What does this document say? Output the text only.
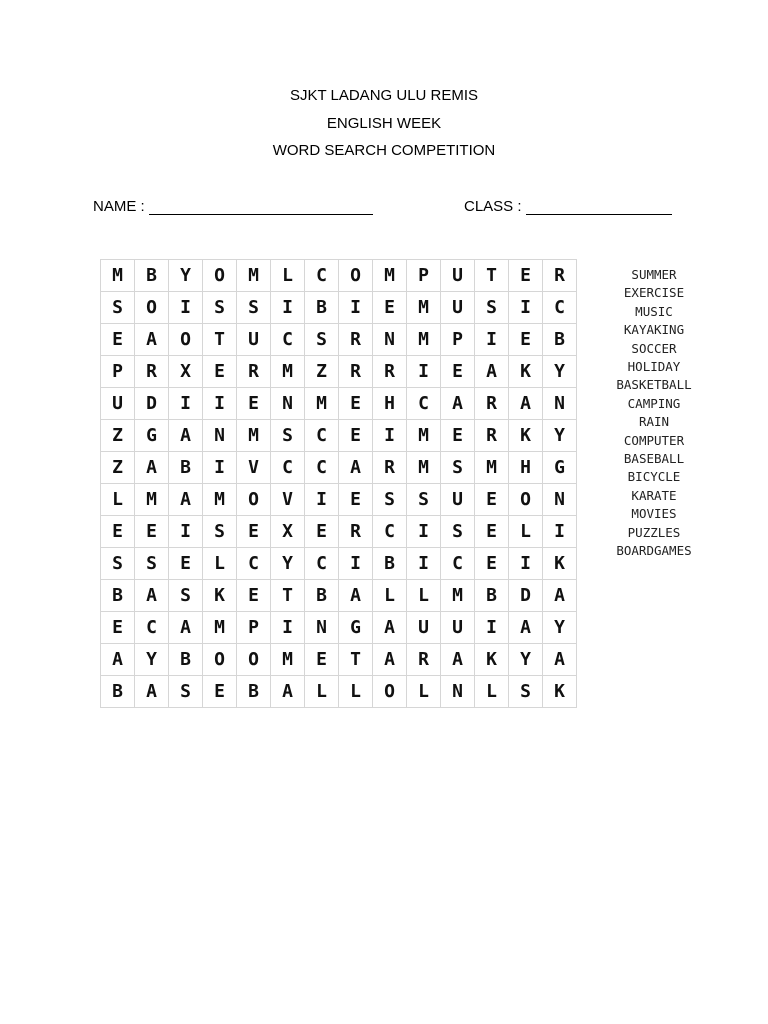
SJKT LADANG ULU REMIS
ENGLISH WEEK
WORD SEARCH COMPETITION
NAME :	CLASS :
M	B	Y	O	M	L	C	O	M	P	U	T	E	R
S	O	I	S	S	I	B	I	E	M	U	S	I	C
E	A	O	T	U	C	S	R	N	M	P	I	E	B
P	R	X	E	R	M	Z	R	R	I	E	A	K	Y
U	D	I	I	E	N	M	E	H	C	A	R	A	N
Z	G	A	N	M	S	C	E	I	M	E	R	K	Y
Z	A	B	I	V	C	C	A	R	M	S	M	H	G
L	M	A	M	O	V	I	E	S	S	U	E	O	N
E	E	I	S	E	X	E	R	C	I	S	E	L	I
S	S	E	L	C	Y	C	I	B	I	C	E	I	K
B	A	S	K	E	T	B	A	L	L	M	B	D	A
E	C	A	M	P	I	N	G	A	U	U	I	A	Y
A	Y	B	O	O	M	E	T	A	R	A	K	Y	A
B	A	S	E	B	A	L	L	O	L	N	L	S	K
SUMMER
EXERCISE
MUSIC
KAYAKING
SOCCER
HOLIDAY
BASKETBALL
CAMPING
RAIN
COMPUTER
BASEBALL
BICYCLE
KARATE
MOVIES
PUZZLES
BOARDGAMES
